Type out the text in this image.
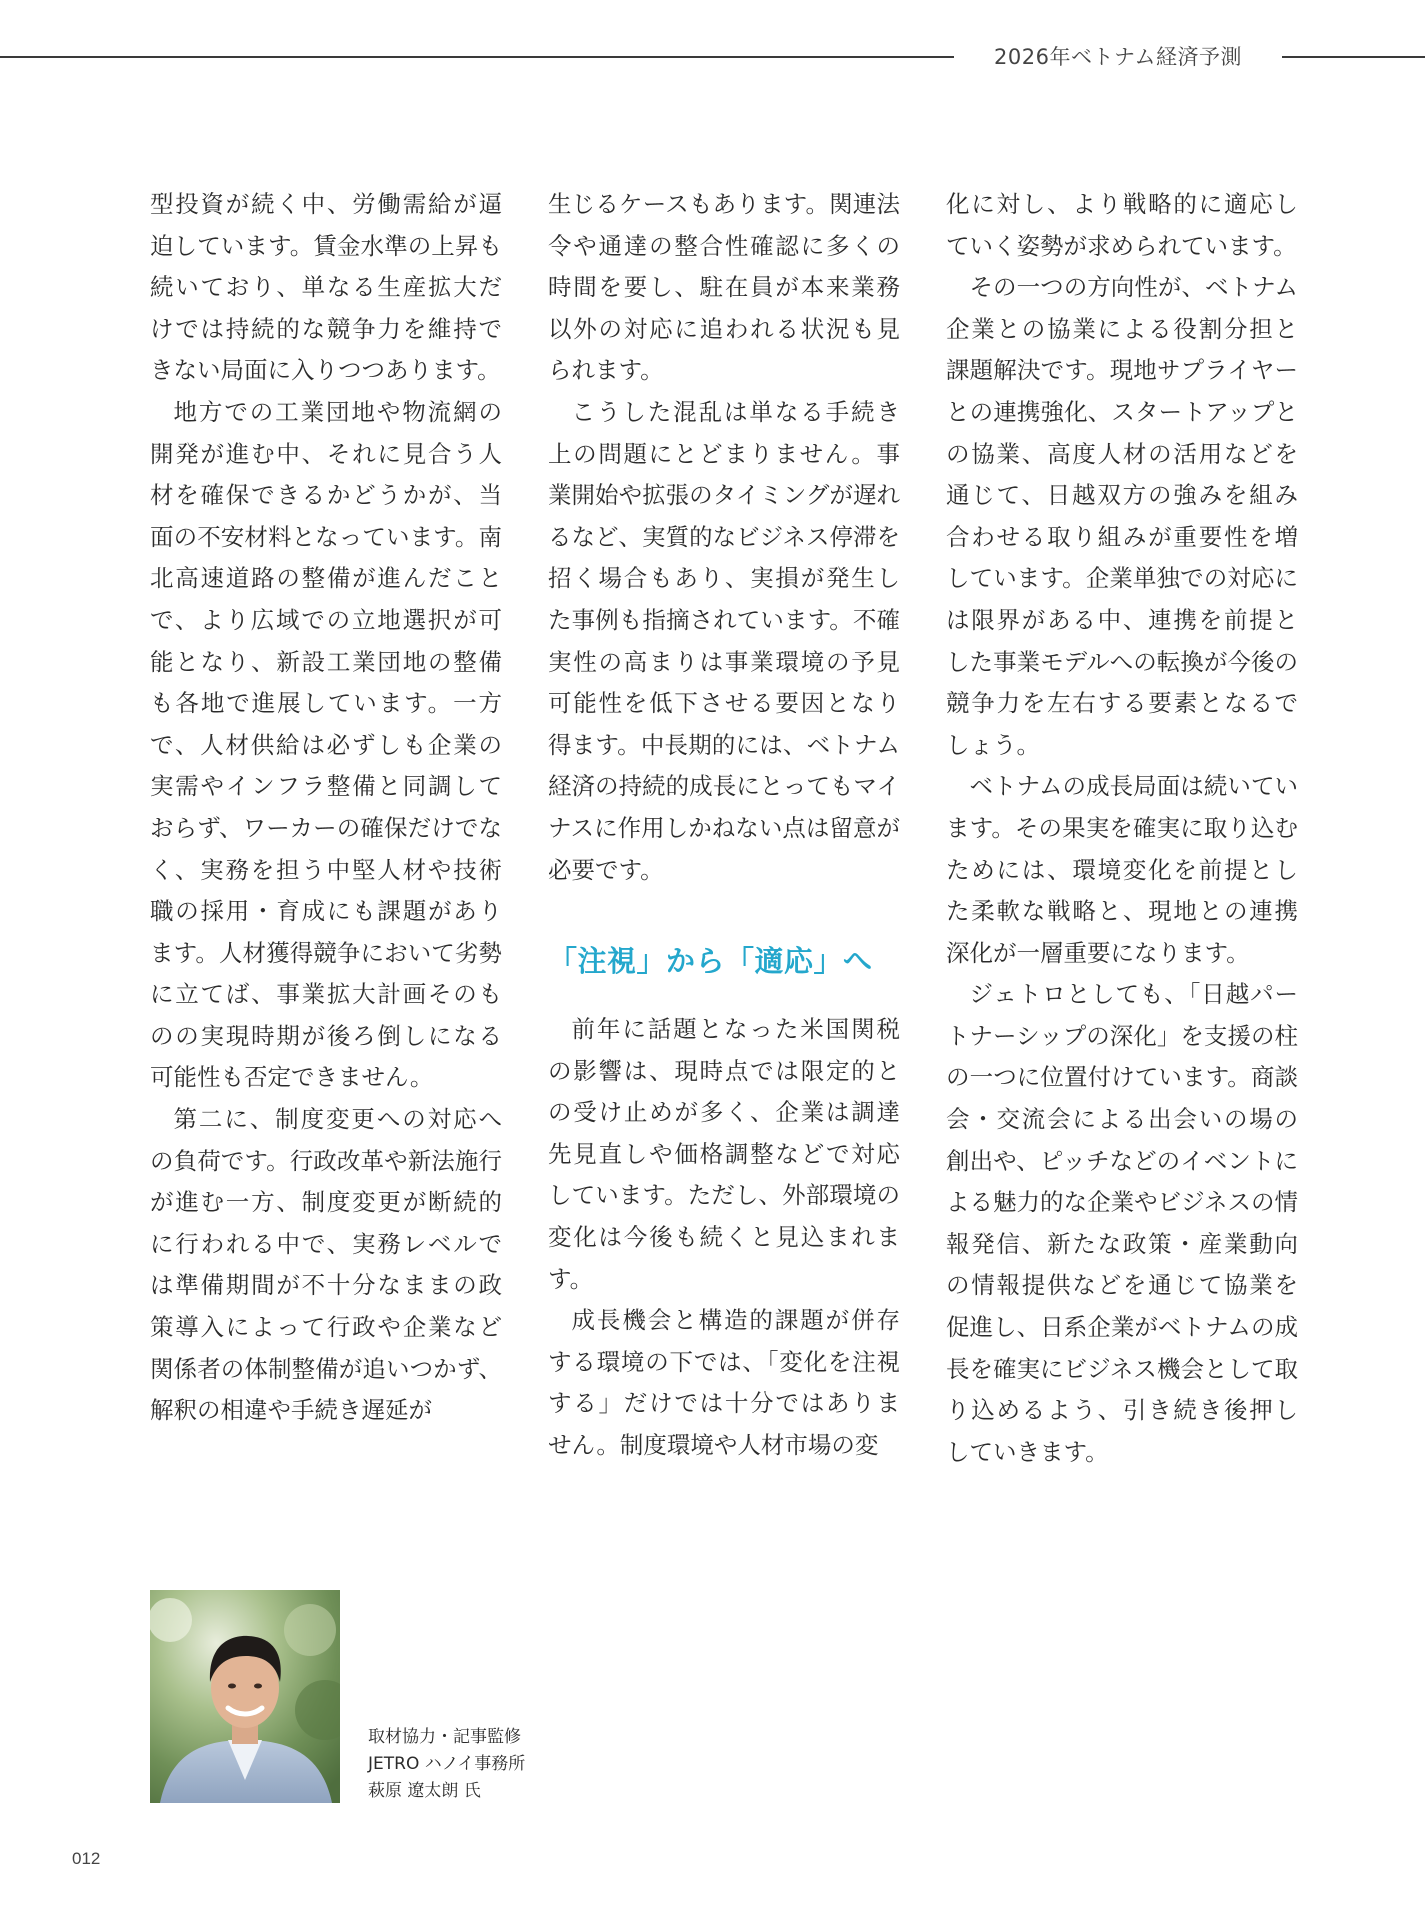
2026年ベトナム経済予測

型投資が続く中、労働需給が逼迫しています。賃金水準の上昇も続いており、単なる生産拡大だけでは持続的な競争力を維持できない局面に入りつつあります。

地方での工業団地や物流網の開発が進む中、それに見合う人材を確保できるかどうかが、当面の不安材料となっています。南北高速道路の整備が進んだことで、より広域での立地選択が可能となり、新設工業団地の整備も各地で進展しています。一方で、人材供給は必ずしも企業の実需やインフラ整備と同調しておらず、ワーカーの確保だけでなく、実務を担う中堅人材や技術職の採用・育成にも課題があります。人材獲得競争において劣勢に立てば、事業拡大計画そのものの実現時期が後ろ倒しになる可能性も否定できません。

第二に、制度変更への対応への負荷です。行政改革や新法施行が進む一方、制度変更が断続的に行われる中で、実務レベルでは準備期間が不十分なままの政策導入によって行政や企業など関係者の体制整備が追いつかず、解釈の相違や手続き遅延が

生じるケースもあります。関連法令や通達の整合性確認に多くの時間を要し、駐在員が本来業務以外の対応に追われる状況も見られます。

こうした混乱は単なる手続き上の問題にとどまりません。事業開始や拡張のタイミングが遅れるなど、実質的なビジネス停滞を招く場合もあり、実損が発生した事例も指摘されています。不確実性の高まりは事業環境の予見可能性を低下させる要因となり得ます。中長期的には、ベトナム経済の持続的成長にとってもマイナスに作用しかねない点は留意が必要です。

「注視」から「適応」へ

前年に話題となった米国関税の影響は、現時点では限定的との受け止めが多く、企業は調達先見直しや価格調整などで対応しています。ただし、外部環境の変化は今後も続くと見込まれます。

成長機会と構造的課題が併存する環境の下では、「変化を注視する」だけでは十分ではありません。制度環境や人材市場の変

化に対し、より戦略的に適応していく姿勢が求められています。

その一つの方向性が、ベトナム企業との協業による役割分担と課題解決です。現地サプライヤーとの連携強化、スタートアップとの協業、高度人材の活用などを通じて、日越双方の強みを組み合わせる取り組みが重要性を増しています。企業単独での対応には限界がある中、連携を前提とした事業モデルへの転換が今後の競争力を左右する要素となるでしょう。

ベトナムの成長局面は続いています。その果実を確実に取り込むためには、環境変化を前提とした柔軟な戦略と、現地との連携深化が一層重要になります。

ジェトロとしても、「日越パートナーシップの深化」を支援の柱の一つに位置付けています。商談会・交流会による出会いの場の創出や、ピッチなどのイベントによる魅力的な企業やビジネスの情報発信、新たな政策・産業動向の情報提供などを通じて協業を促進し、日系企業がベトナムの成長を確実にビジネス機会として取り込めるよう、引き続き後押ししていきます。

取材協力・記事監修
JETRO ハノイ事務所
萩原 遼太朗 氏
012
